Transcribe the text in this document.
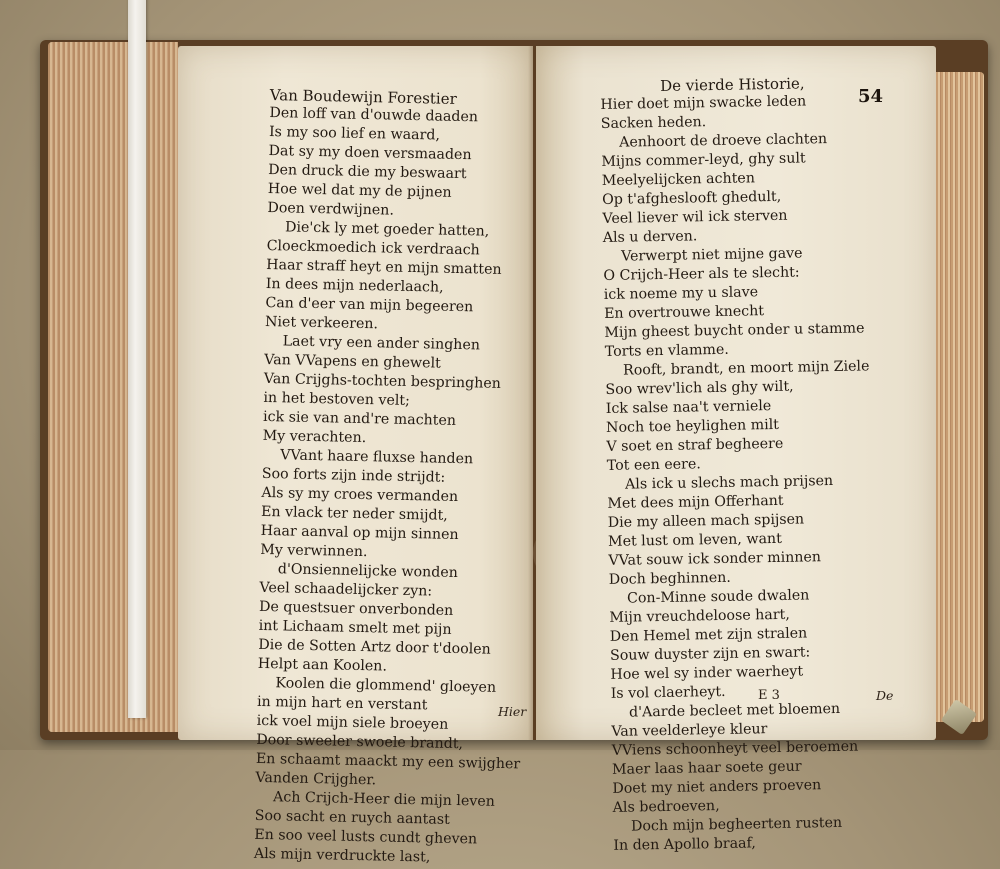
Van Boudewijn Forestier
Den loff van d'ouwde daaden
Is my soo lief en waard,
Dat sy my doen versmaaden
Den druck die my beswaart
Hoe wel dat my de pijnen
Doen verdwijnen.
Die'ck ly met goeder hatten,
Cloeckmoedich ick verdraach
Haar straff heyt en mijn smatten
In dees mijn nederlaach,
Can d'eer van mijn begeeren
Niet verkeeren.
Laet vry een ander singhen
Van VVapens en ghewelt
Van Crijghs-tochten bespringhen
in het bestoven velt;
ick sie van and're machten
My verachten.
VVant haare fluxse handen
Soo forts zijn inde strijdt:
Als sy my croes vermanden
En vlack ter neder smijdt,
Haar aanval op mijn sinnen
My verwinnen.
d'Onsiennelijcke wonden
Veel schaadelijcker zyn:
De questsuer onverbonden
int Lichaam smelt met pijn
Die de Sotten Artz door t'doolen
Helpt aan Koolen.
Koolen die glommend' gloeyen
in mijn hart en verstant
ick voel mijn siele broeyen
Door sweeler swoele brandt,
En schaamt maackt my een swijgher
Vanden Crijgher.
Ach Crijch-Heer die mijn leven
Soo sacht en ruych aantast
En soo veel lusts cundt gheven
Als mijn verdruckte last,
Hier
54
De vierde Historie,
Hier doet mijn swacke leden
Sacken heden.
Aenhoort de droeve clachten
Mijns commer-leyd, ghy sult
Meelyelijcken achten
Op t'afgheslooft ghedult,
Veel liever wil ick sterven
Als u derven.
Verwerpt niet mijne gave
O Crijch-Heer als te slecht:
ick noeme my u slave
En overtrouwe knecht
Mijn gheest buycht onder u stamme
Torts en vlamme.
Rooft, brandt, en moort mijn Ziele
Soo wrev'lich als ghy wilt,
Ick salse naa't verniele
Noch toe heylighen milt
V soet en straf begheere
Tot een eere.
Als ick u slechs mach prijsen
Met dees mijn Offerhant
Die my alleen mach spijsen
Met lust om leven, want
VVat souw ick sonder minnen
Doch beghinnen.
Con-Minne soude dwalen
Mijn vreuchdeloose hart,
Den Hemel met zijn stralen
Souw duyster zijn en swart:
Hoe wel sy inder waerheyt
Is vol claerheyt.
d'Aarde becleet met bloemen
Van veelderleye kleur
VViens schoonheyt veel beroemen
Maer laas haar soete geur
Doet my niet anders proeven
Als bedroeven,
Doch mijn begheerten rusten
In den Apollo braaf,
E 3	De
